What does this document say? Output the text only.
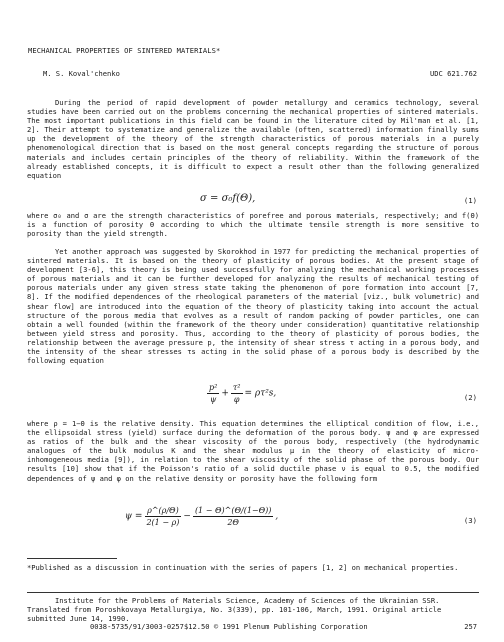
MECHANICAL PROPERTIES OF SINTERED MATERIALS*
M. S. Koval'chenko	UDC 621.762
During the period of rapid development of powder metallurgy and ceramics technology, several studies have been carried out on the problems concerning the mechanical properties of sintered materials. The most important publications in this field can be found in the literature cited by Mil'man et al. [1, 2]. Their attempt to systematize and generalize the available (often, scattered) information finally sums up the development of the theory of the strength characteristics of porous materials in a purely phenomenological direction that is based on the most general concepts regarding the structure of porous materials and includes certain principles of the theory of reliability. Within the framework of the already established concepts, it is difficult to expect a result other than the following generalized equation
σ = σ₀f(Θ),	(1)
where σ₀ and σ are the strength characteristics of porefree and porous materials, respectively; and f(Θ) is a function of porosity Θ according to which the ultimate tensile strength is more sensitive to porosity than the yield strength.
Yet another approach was suggested by Skorokhod in 1977 for predicting the mechanical properties of sintered materials. It is based on the theory of plasticity of porous bodies. At the present stage of development [3-6], this theory is being used successfully for analyzing the mechanical working processes of porous materials and it can be further developed for analyzing the results of mechanical testing of porous materials under any given stress state taking the phenomenon of pore formation into account [7, 8]. If the modified dependences of the rheological parameters of the material [viz., bulk volumetric) and shear flow] are introduced into the equation of the theory of plasticity taking into account the actual structure of the porous media that evolves as a result of random packing of powder particles, one can obtain a well founded (within the framework of the theory under consideration) quantitative relationship between yield stress and porosity. Thus, according to the theory of plasticity of porous bodies, the relationship between the average pressure p, the intensity of shear stress τ acting in a porous body, and the intensity of the shear stresses τs acting in the solid phase of a porous body is described by the following equation
$\frac{\text{p²}}{\psi} + \frac{\text{τ²}}{\varphi} = \rho\tau^2s$,	(2)
where ρ = 1−Θ is the relative density. This equation determines the elliptical condition of flow, i.e., the ellipsoidal stress (yield) surface during the deformation of the porous body. ψ and φ are expressed as ratios of the bulk and the shear viscosity of the porous body, respectively (the hydrodynamic analogues of the bulk modulus K and the shear modulus μ in the theory of elasticity of micro-inhomogeneous media [9]), in relation to the shear viscosity of the solid phase of the porous body. Our results [10] show that if the Poisson's ratio of a solid ductile phase ν is equal to 0.5, the modified dependences of ψ and φ on the relative density or porosity have the following form
$\psi = \frac{\rho\^{}(\rho/\Theta)}{2(1 - \rho)} - \frac{(1 - \Theta)\^{}(\Theta/(1-\Theta))}{2\Theta}$ ,	(3)
*Published as a discussion in continuation with the series of papers [1, 2] on mechanical properties.
Institute for the Problems of Materials Science, Academy of Sciences of the Ukrainian SSR. Translated from Poroshkovaya Metallurgiya, No. 3(339), pp. 101-106, March, 1991. Original article submitted June 14, 1990.
0038-5735/91/3003-0257$12.50 © 1991 Plenum Publishing Corporation	257
